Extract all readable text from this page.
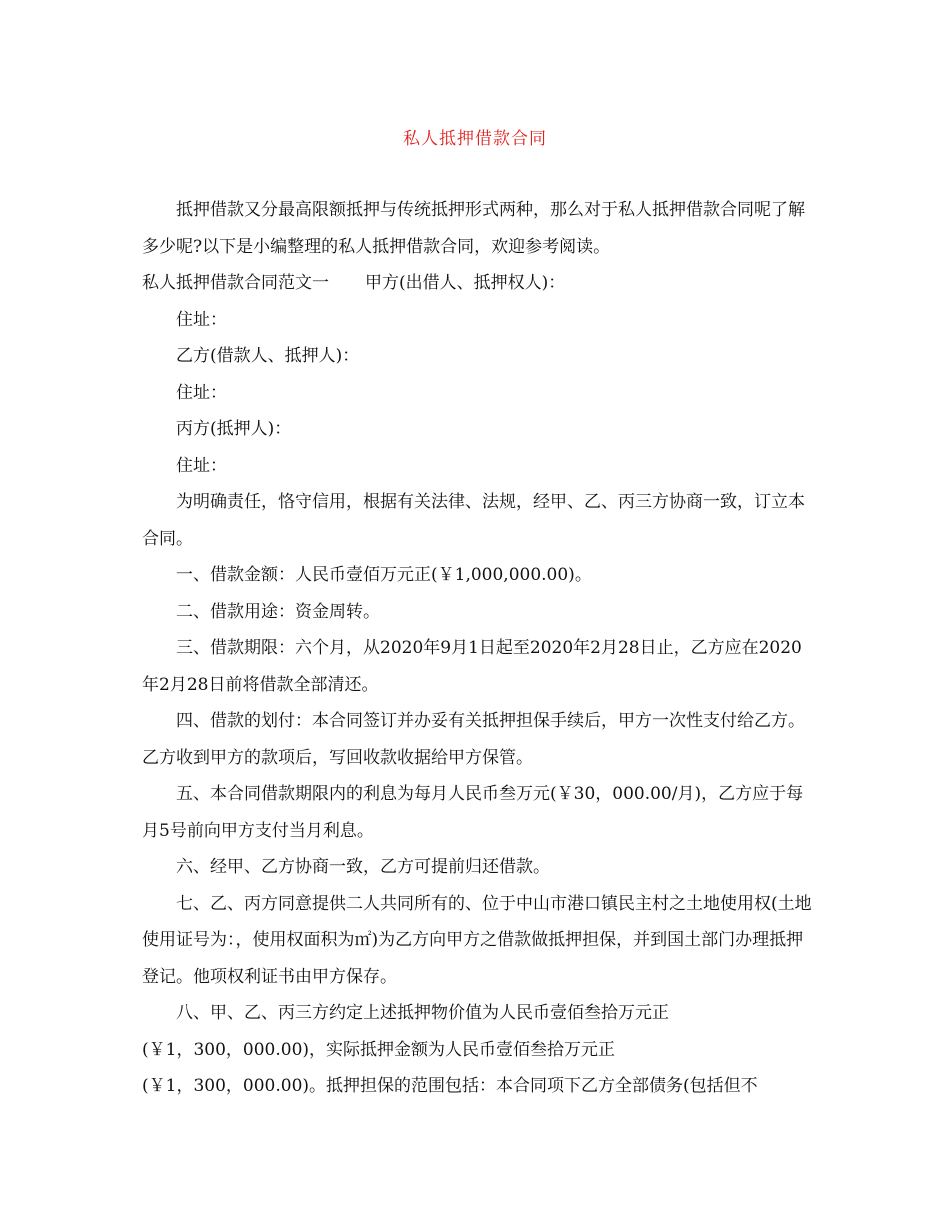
私人抵押借款合同

抵押借款又分最高限额抵押与传统抵押形式两种，那么对于私人抵押借款合同呢了解多少呢?以下是小编整理的私人抵押借款合同，欢迎参考阅读。

私人抵押借款合同范文一 甲方(出借人、抵押权人)：

住址：

乙方(借款人、抵押人)：

住址：

丙方(抵押人)：

住址：

为明确责任，恪守信用，根据有关法律、法规，经甲、乙、丙三方协商一致，订立本合同。

一、借款金额：人民币壹佰万元正(￥1,000,000.00)。

二、借款用途：资金周转。

三、借款期限：六个月，从2020年9月1日起至2020年2月28日止，乙方应在2020年2月28日前将借款全部清还。

四、借款的划付：本合同签订并办妥有关抵押担保手续后，甲方一次性支付给乙方。乙方收到甲方的款项后，写回收款收据给甲方保管。

五、本合同借款期限内的利息为每月人民币叁万元(￥30，000.00/月)，乙方应于每月5号前向甲方支付当月利息。

六、经甲、乙方协商一致，乙方可提前归还借款。

七、乙、丙方同意提供二人共同所有的、位于中山市港口镇民主村之土地使用权(土地使用证号为：，使用权面积为㎡)为乙方向甲方之借款做抵押担保，并到国土部门办理抵押登记。他项权利证书由甲方保存。

八、甲、乙、丙三方约定上述抵押物价值为人民币壹佰叁拾万元正
(￥1，300，000.00)，实际抵押金额为人民币壹佰叁拾万元正
(￥1，300，000.00)。抵押担保的范围包括：本合同项下乙方全部债务(包括但不
